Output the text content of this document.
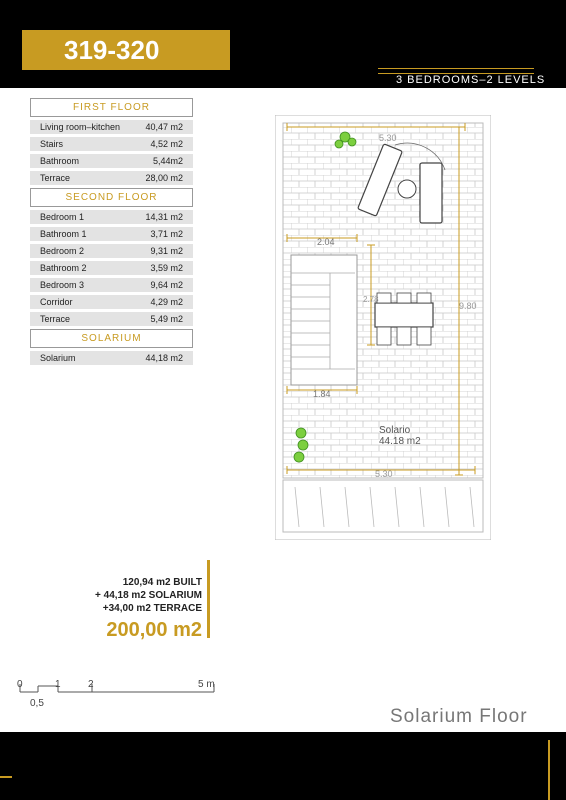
319-320
3 BEDROOMS–2 LEVELS
FIRST FLOOR
Living room–kitchen	40,47 m2
Stairs	4,52 m2
Bathroom	5,44m2
Terrace	28,00 m2
SECOND FLOOR
Bedroom 1	14,31 m2
Bathroom 1	3,71 m2
Bedroom 2	9,31 m2
Bathroom 2	3,59 m2
Bedroom 3	9,64 m2
Corridor	4,29 m2
Terrace	5,49 m2
SOLARIUM
Solarium	44,18 m2
5.30
2.04
2.78
9.80
1.84
5.30
Solario
44.18 m2
120,94 m2 BUILT
+ 44,18 m2 SOLARIUM
+34,00 m2 TERRACE
200,00 m2
0	1	2	5 m
0,5
Solarium Floor
